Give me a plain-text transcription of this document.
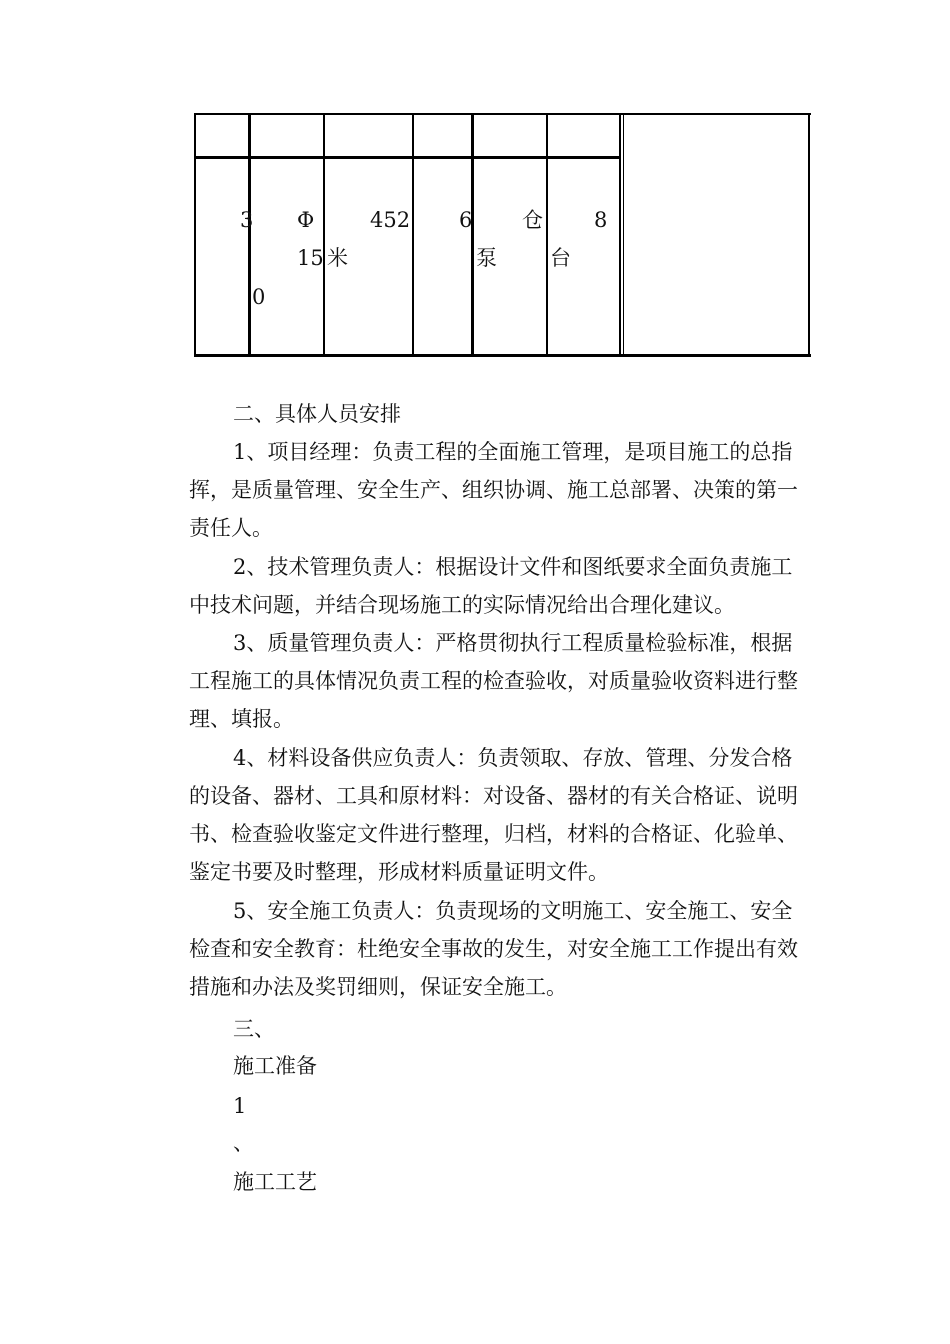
3
0
Φ
15
452
米
6 仓
泵
8
台
二、具体人员安排

1、项目经理：负责工程的全面施工管理，是项目施工的总指挥，是质量管理、安全生产、组织协调、施工总部署、决策的第一责任人。

2、技术管理负责人：根据设计文件和图纸要求全面负责施工中技术问题，并结合现场施工的实际情况给出合理化建议。

3、质量管理负责人：严格贯彻执行工程质量检验标准，根据工程施工的具体情况负责工程的检查验收，对质量验收资料进行整理、填报。

4、材料设备供应负责人：负责领取、存放、管理、分发合格的设备、器材、工具和原材料：对设备、器材的有关合格证、说明书、检查验收鉴定文件进行整理，归档，材料的合格证、化验单、鉴定书要及时整理，形成材料质量证明文件。

5、安全施工负责人：负责现场的文明施工、安全施工、安全检查和安全教育：杜绝安全事故的发生，对安全施工工作提出有效措施和办法及奖罚细则，保证安全施工。

三、
施工准备
1
、
施工工艺
